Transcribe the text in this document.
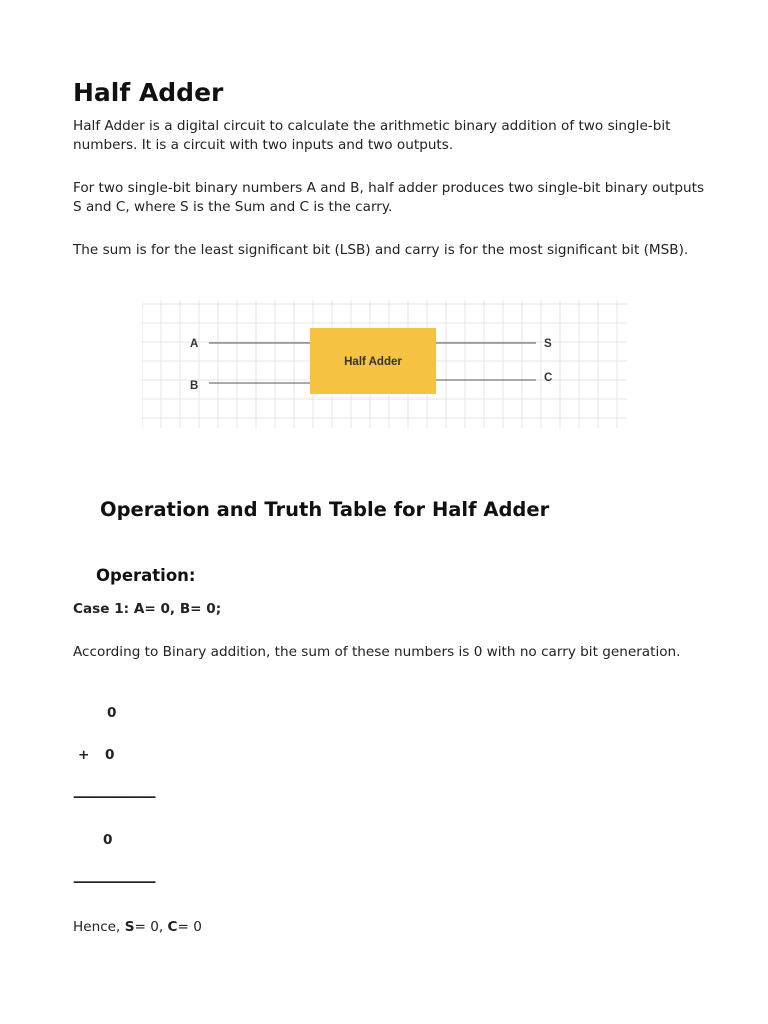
Half Adder

Half Adder is a digital circuit to calculate the arithmetic binary addition of two single-bit numbers. It is a circuit with two inputs and two outputs.

For two single-bit binary numbers A and B, half adder produces two single-bit binary outputs S and C, where S is the Sum and C is the carry.

The sum is for the least significant bit (LSB) and carry is for the most significant bit (MSB).

Half Adder
A
B
S
C
Operation and Truth Table for Half Adder
Operation:

Case 1: A= 0, B= 0;

According to Binary addition, the sum of these numbers is 0 with no carry bit generation.

0

+ 0

———————

0

———————

Hence, S= 0, C= 0
